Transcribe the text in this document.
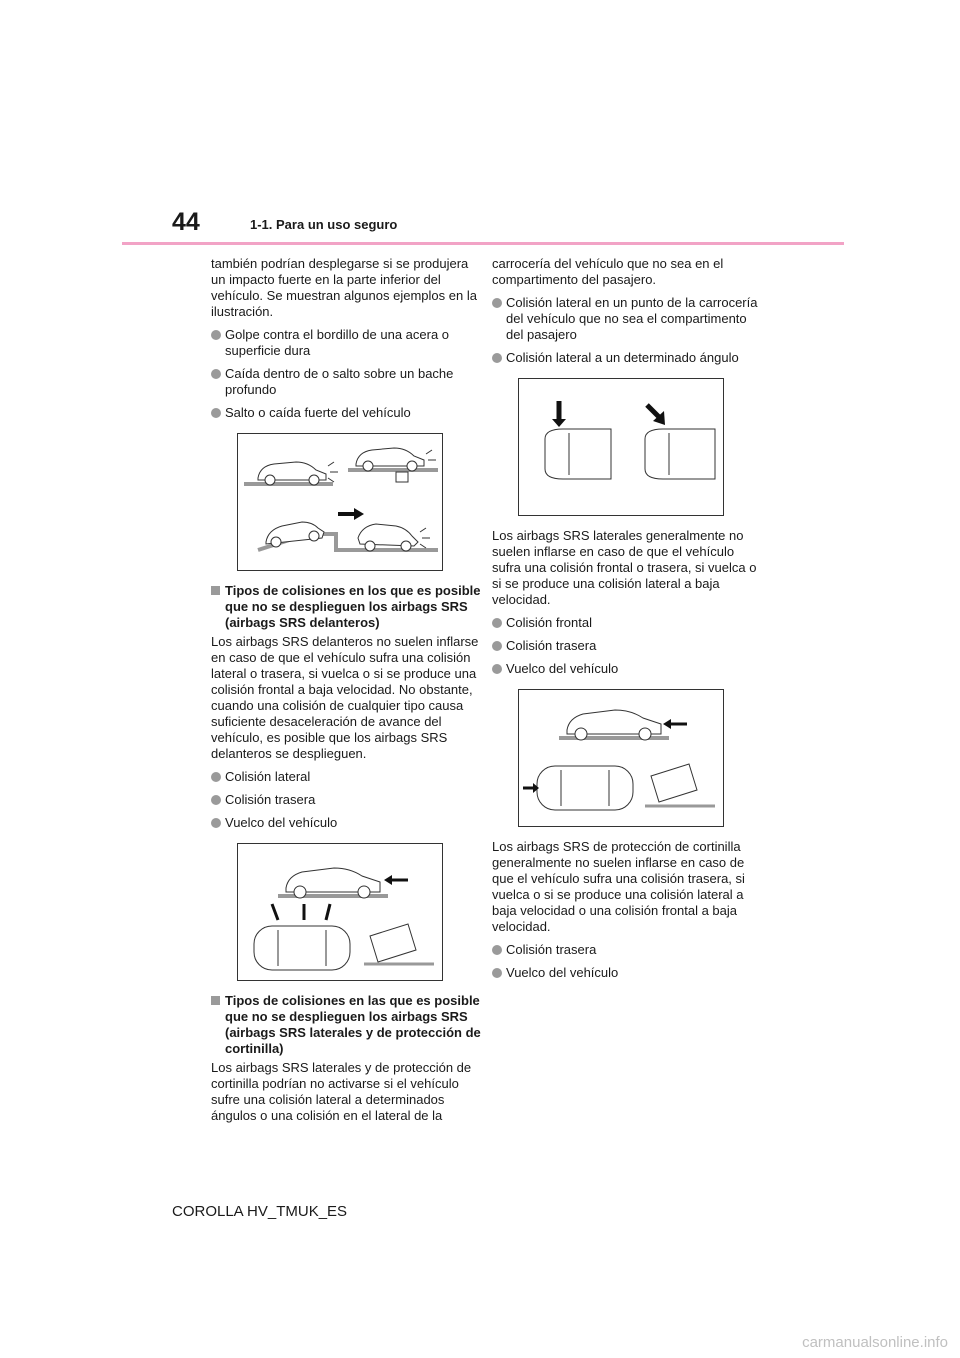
44	1-1. Para un uso seguro

también podrían desplegarse si se produjera un impacto fuerte en la parte inferior del vehículo. Se muestran algunos ejemplos en la ilustración.

Golpe contra el bordillo de una acera o superficie dura
Caída dentro de o salto sobre un bache profundo
Salto o caída fuerte del vehículo
Tipos de colisiones en los que es posible que no se desplieguen los airbags SRS (airbags SRS delanteros)

Los airbags SRS delanteros no suelen inflarse en caso de que el vehículo sufra una colisión lateral o trasera, si vuelca o si se produce una colisión frontal a baja velocidad. No obstante, cuando una colisión de cualquier tipo causa suficiente desaceleración de avance del vehículo, es posible que los airbags SRS delanteros se desplieguen.

Colisión lateral
Colisión trasera
Vuelco del vehículo
Tipos de colisiones en las que es posible que no se desplieguen los airbags SRS (airbags SRS laterales y de protección de cortinilla)

Los airbags SRS laterales y de protección de cortinilla podrían no activarse si el vehículo sufre una colisión lateral a determinados ángulos o una colisión en el lateral de la

carrocería del vehículo que no sea en el compartimento del pasajero.

Colisión lateral en un punto de la carrocería del vehículo que no sea el compartimento del pasajero
Colisión lateral a un determinado ángulo

Los airbags SRS laterales generalmente no suelen inflarse en caso de que el vehículo sufra una colisión frontal o trasera, si vuelca o si se produce una colisión lateral a baja velocidad.

Colisión frontal
Colisión trasera
Vuelco del vehículo

Los airbags SRS de protección de cortinilla generalmente no suelen inflarse en caso de que el vehículo sufra una colisión trasera, si vuelca o si se produce una colisión lateral a baja velocidad o una colisión frontal a baja velocidad.

Colisión trasera
Vuelco del vehículo
COROLLA HV_TMUK_ES
carmanualsonline.info
